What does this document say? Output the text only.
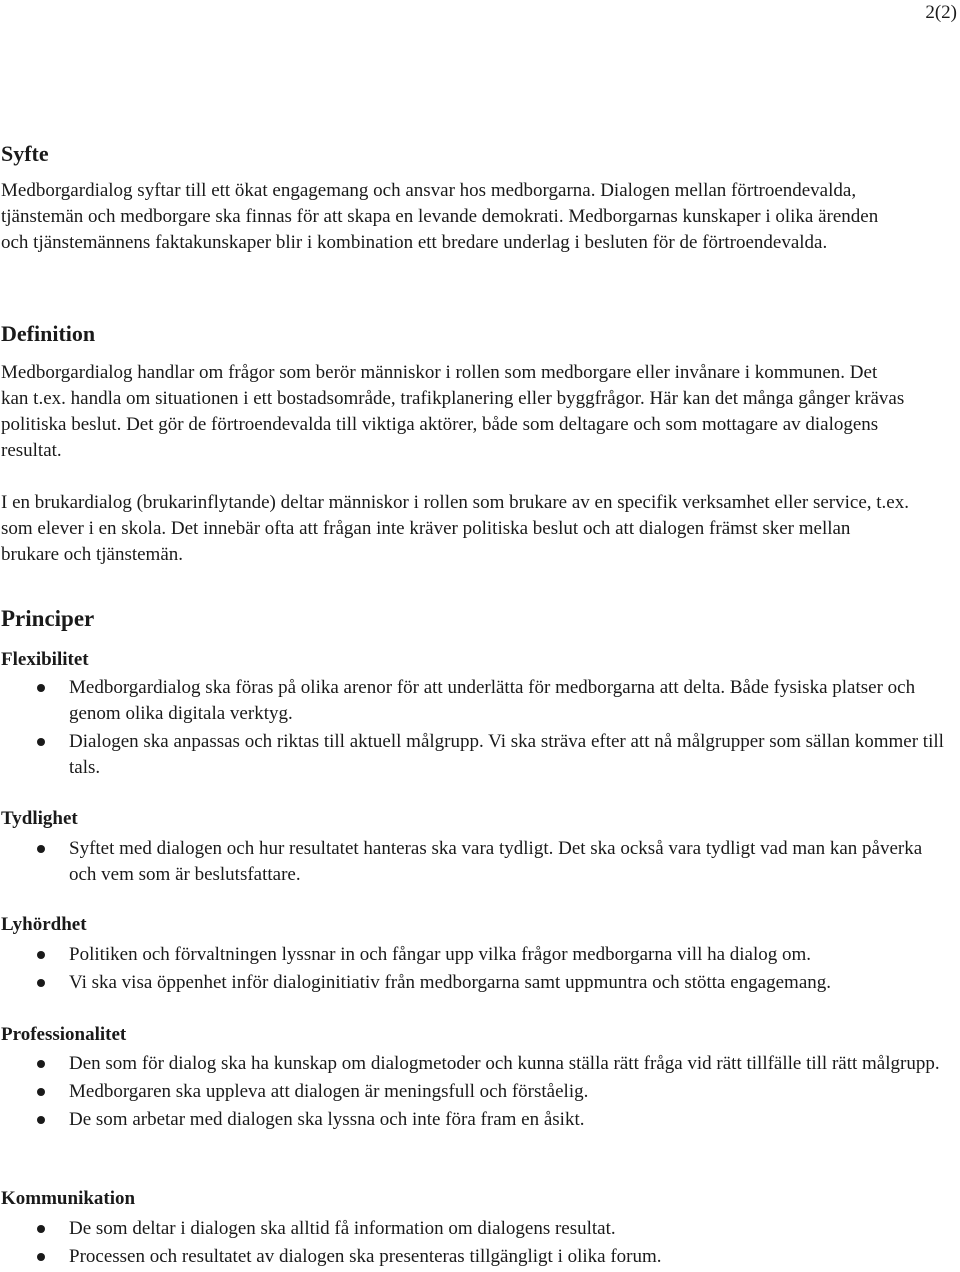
2(2)
Syfte

Medborgardialog syftar till ett ökat engagemang och ansvar hos medborgarna. Dialogen mellan förtroendevalda, tjänstemän och medborgare ska finnas för att skapa en levande demokrati. Medborgarnas kunskaper i olika ärenden och tjänstemännens faktakunskaper blir i kombination ett bredare underlag i besluten för de förtroendevalda.

Definition

Medborgardialog handlar om frågor som berör människor i rollen som medborgare eller invånare i kommunen. Det kan t.ex. handla om situationen i ett bostadsområde, trafikplanering eller byggfrågor. Här kan det många gånger krävas politiska beslut. Det gör de förtroendevalda till viktiga aktörer, både som deltagare och som mottagare av dialogens resultat.

I en brukardialog (brukarinflytande) deltar människor i rollen som brukare av en specifik verksamhet eller service, t.ex. som elever i en skola. Det innebär ofta att frågan inte kräver politiska beslut och att dialogen främst sker mellan brukare och tjänstemän.

Principer
Flexibilitet
Medborgardialog ska föras på olika arenor för att underlätta för medborgarna att delta. Både fysiska platser och genom olika digitala verktyg.
Dialogen ska anpassas och riktas till aktuell målgrupp. Vi ska sträva efter att nå målgrupper som sällan kommer till tals.
Tydlighet
Syftet med dialogen och hur resultatet hanteras ska vara tydligt. Det ska också vara tydligt vad man kan påverka och vem som är beslutsfattare.
Lyhördhet
Politiken och förvaltningen lyssnar in och fångar upp vilka frågor medborgarna vill ha dialog om.
Vi ska visa öppenhet inför dialoginitiativ från medborgarna samt uppmuntra och stötta engagemang.
Professionalitet
Den som för dialog ska ha kunskap om dialogmetoder och kunna ställa rätt fråga vid rätt tillfälle till rätt målgrupp.
Medborgaren ska uppleva att dialogen är meningsfull och förståelig.
De som arbetar med dialogen ska lyssna och inte föra fram en åsikt.
Kommunikation
De som deltar i dialogen ska alltid få information om dialogens resultat.
Processen och resultatet av dialogen ska presenteras tillgängligt i olika forum.
